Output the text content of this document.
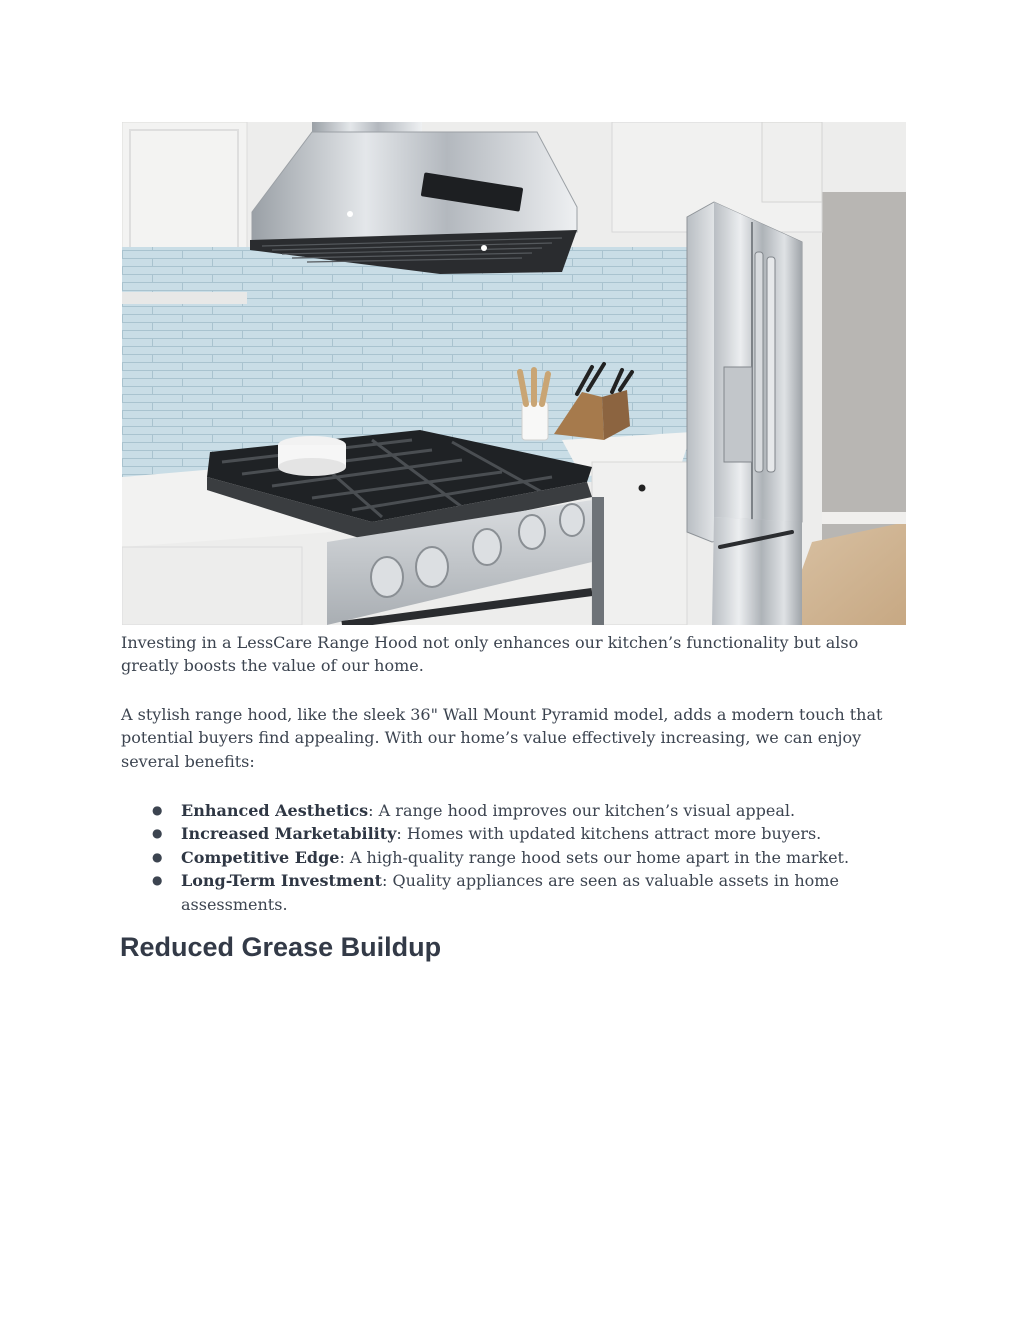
Investing in a LessCare Range Hood not only enhances our kitchen’s functionality but also greatly boosts the value of our home.

A stylish range hood, like the sleek 36" Wall Mount Pyramid model, adds a modern touch that potential buyers find appealing. With our home’s value effectively increasing, we can enjoy several benefits:

● Enhanced Aesthetics: A range hood improves our kitchen’s visual appeal.
● Increased Marketability: Homes with updated kitchens attract more buyers.
● Competitive Edge: A high-quality range hood sets our home apart in the market.
● Long-Term Investment: Quality appliances are seen as valuable assets in home assessments.
Reduced Grease Buildup
